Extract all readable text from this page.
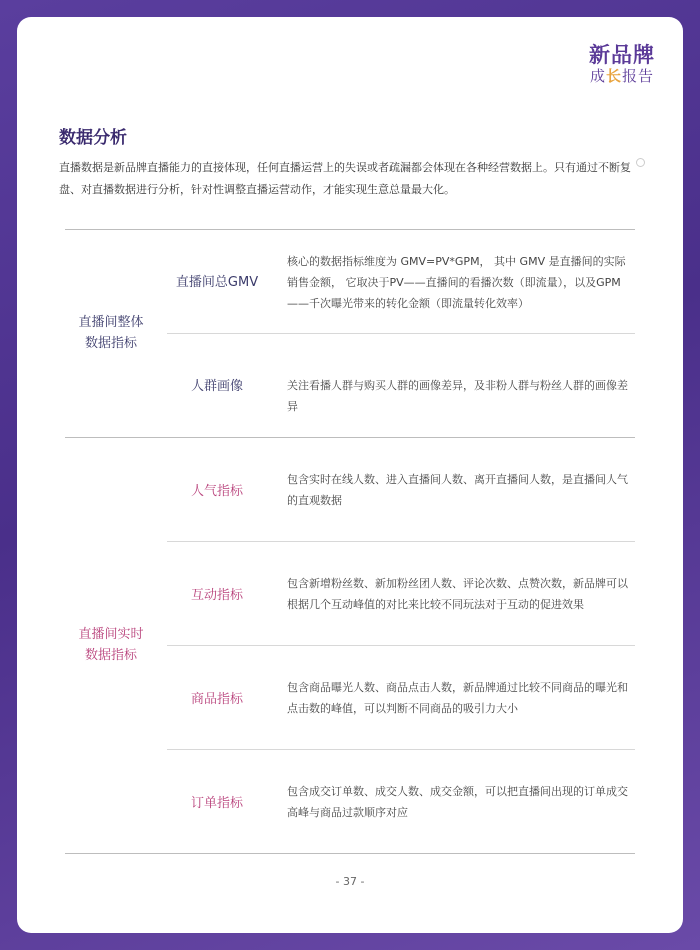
新品牌
成长报告
数据分析
直播数据是新品牌直播能力的直接体现，任何直播运营上的失误或者疏漏都会体现在各种经营数据上。只有通过不断复盘、对直播数据进行分析，针对性调整直播运营动作，才能实现生意总量最大化。
直播间整体
数据指标
直播间总GMV
核心的数据指标维度为 GMV=PV*GPM， 其中 GMV 是直播间的实际销售金额， 它取决于PV——直播间的看播次数（即流量），以及GPM——千次曝光带来的转化金额（即流量转化效率）
人群画像	关注看播人群与购买人群的画像差异，及非粉人群与粉丝人群的画像差异
直播间实时
数据指标
人气指标
包含实时在线人数、进入直播间人数、离开直播间人数，是直播间人气的直观数据
互动指标
包含新增粉丝数、新加粉丝团人数、评论次数、点赞次数，新品牌可以根据几个互动峰值的对比来比较不同玩法对于互动的促进效果
商品指标
包含商品曝光人数、商品点击人数，新品牌通过比较不同商品的曝光和点击数的峰值，可以判断不同商品的吸引力大小
订单指标
包含成交订单数、成交人数、成交金额，可以把直播间出现的订单成交高峰与商品过款顺序对应
- 37 -
